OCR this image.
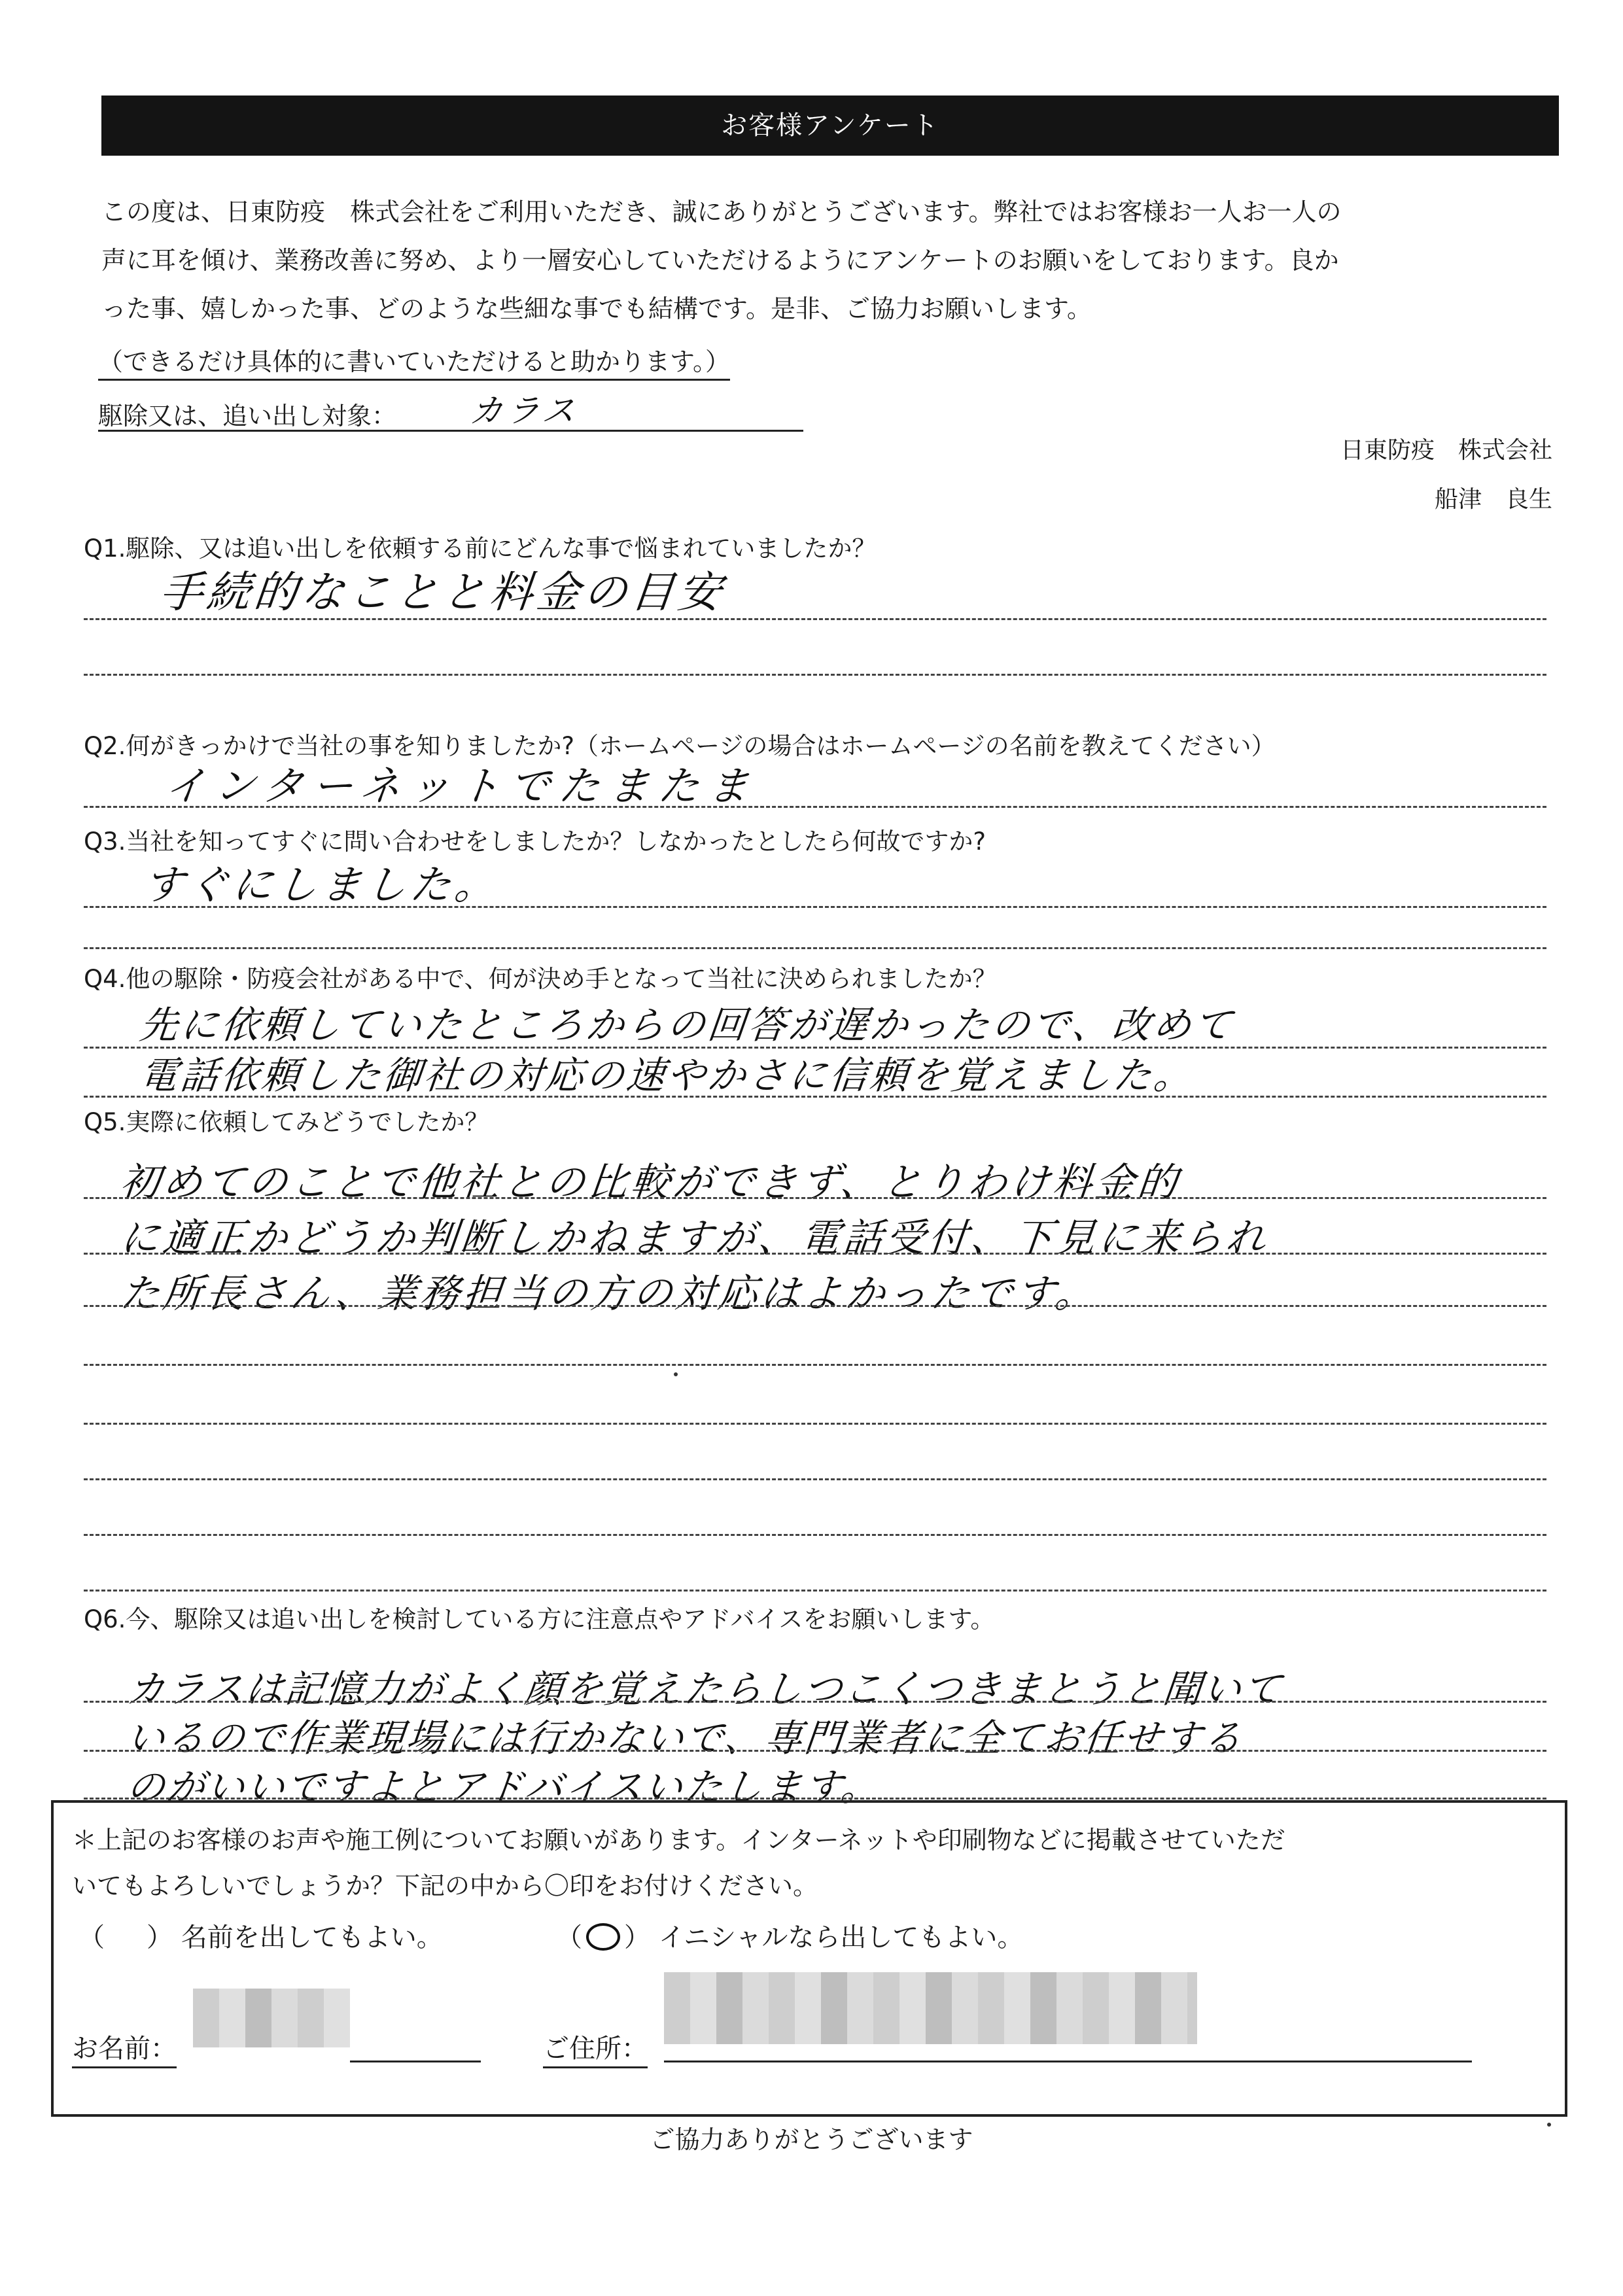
お客様アンケート
この度は、日東防疫　株式会社をご利用いただき、誠にありがとうございます。弊社ではお客様お一人お一人の
声に耳を傾け、業務改善に努め、より一層安心していただけるようにアンケートのお願いをしております。良か
った事、嬉しかった事、どのような些細な事でも結構です。是非、ご協力お願いします。
（できるだけ具体的に書いていただけると助かります。）
駆除又は、追い出し対象： カラス
日東防疫　株式会社
船津　良生
Q1.駆除、又は追い出しを依頼する前にどんな事で悩まれていましたか？
手続的なことと料金の目安
Q2.何がきっかけで当社の事を知りましたか?（ホームページの場合はホームページの名前を教えてください）
インターネットでたまたま
Q3.当社を知ってすぐに問い合わせをしましたか？しなかったとしたら何故ですか?
すぐにしました。
Q4.他の駆除・防疫会社がある中で、何が決め手となって当社に決められましたか？
先に依頼していたところからの回答が遅かったので、改めて
電話依頼した御社の対応の速やかさに信頼を覚えました。
Q5.実際に依頼してみどうでしたか？
初めてのことで他社との比較ができず、とりわけ料金的
に適正かどうか判断しかねますが、電話受付、下見に来られ
た所長さん、業務担当の方の対応はよかったです。
Q6.今、駆除又は追い出しを検討している方に注意点やアドバイスをお願いします。
カラスは記憶力がよく顔を覚えたらしつこくつきまとうと聞いて
いるので作業現場には行かないで、専門業者に全てお任せする
のがいいですよとアドバイスいたします。
＊上記のお客様のお声や施工例についてお願いがあります。インターネットや印刷物などに掲載させていただ
いてもよろしいでしょうか？下記の中から〇印をお付けください。
（ ） 名前を出してもよい。	（ ） イニシャルなら出してもよい。
お名前：	ご住所：
ご協力ありがとうございます
